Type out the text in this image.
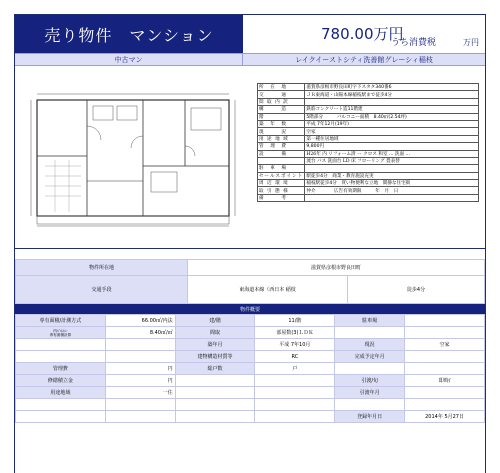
売り物件　マンション	780.00万円
うち消費税	万円
中古マン	レイクイーストシティ洗善館グレーシィ稲枝
所　在　地	滋賀県彦根市野良田町字下スタタ340番6
交　　　通	ＪＲ東海道・山陽本線稲枝駅まで徒歩4分
間 取 内 訳	
構　　　造	鉄筋コンクリート造11階建
階	5階部分　　　バルコニー面積　8.40㎡(2.54坪)
築　年　数	平成 7年12月(19年)
現　　　況	空家
用 途 地 域	第一種住居地域
管　理　費	9,800円
設　　　備	H26年 内 リフォーム済 ー クロス 和室 ... 洗面 ...
	流台 バス 洗面台 LD 床 フローリング 畳表替
駐　車　場	
セールスポイント	駅徒歩4分　商業・教育施設充実
周 辺 環 境	稲枝駅徒歩4分　買い物便利な立地　閑静な住宅街
取 引 態 様	仲介　　　　広告有効期限　　　年　月　日
備　　　考	
物件所在地	滋賀県彦根市野良田町	
交通手段	東海道本線（西日本 稲枝	徒歩4分
物件概要
専有面積/計測方式	66.00㎡/内法	建/階	11/階	駐車場	
内ﾊﾞﾙｺﾆｰ
専有面積計算	8.40㎡/㎡	間取	部屋数(3)ＬＤＫ		
		築年月	平成 7年10月	現況	空家
		建物構造材質等	RC	完成予定年月	
管理費	円	総戸数	戸		
修繕積立金	円			引渡/旬	即時/
用途地域	一住			引渡年月	

				登録年月日	2014年 5月27日
